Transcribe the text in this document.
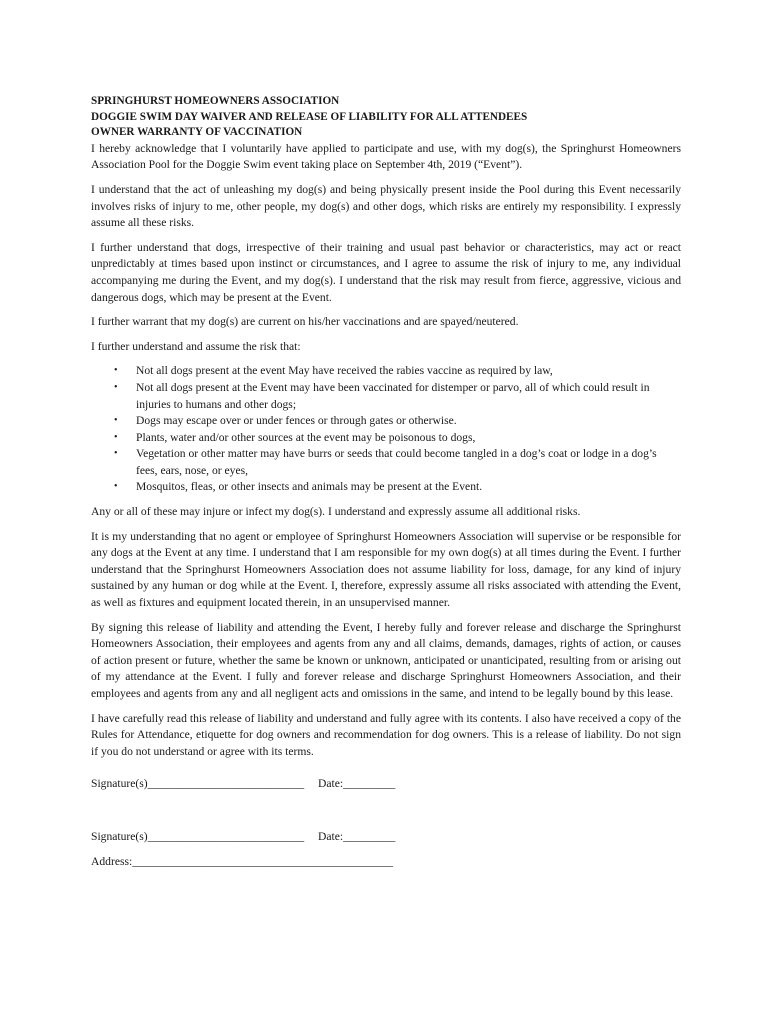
SPRINGHURST HOMEOWNERS ASSOCIATION
DOGGIE SWIM DAY WAIVER AND RELEASE OF LIABILITY FOR ALL ATTENDEES
OWNER WARRANTY OF VACCINATION

I hereby acknowledge that I voluntarily have applied to participate and use, with my dog(s), the Springhurst Homeowners Association Pool for the Doggie Swim event taking place on September 4th, 2019 (“Event”).

I understand that the act of unleashing my dog(s) and being physically present inside the Pool during this Event necessarily involves risks of injury to me, other people, my dog(s) and other dogs, which risks are entirely my responsibility. I expressly assume all these risks.

I further understand that dogs, irrespective of their training and usual past behavior or characteristics, may act or react unpredictably at times based upon instinct or circumstances, and I agree to assume the risk of injury to me, any individual accompanying me during the Event, and my dog(s). I understand that the risk may result from fierce, aggressive, vicious and dangerous dogs, which may be present at the Event.

I further warrant that my dog(s) are current on his/her vaccinations and are spayed/neutered.

I further understand and assume the risk that:

• Not all dogs present at the event May have received the rabies vaccine as required by law,
• Not all dogs present at the Event may have been vaccinated for distemper or parvo, all of which could result in injuries to humans and other dogs;
• Dogs may escape over or under fences or through gates or otherwise.
• Plants, water and/or other sources at the event may be poisonous to dogs,
• Vegetation or other matter may have burrs or seeds that could become tangled in a dog’s coat or lodge in a dog’s fees, ears, nose, or eyes,
• Mosquitos, fleas, or other insects and animals may be present at the Event.

Any or all of these may injure or infect my dog(s). I understand and expressly assume all additional risks.

It is my understanding that no agent or employee of Springhurst Homeowners Association will supervise or be responsible for any dogs at the Event at any time. I understand that I am responsible for my own dog(s) at all times during the Event. I further understand that the Springhurst Homeowners Association does not assume liability for loss, damage, for any kind of injury sustained by any human or dog while at the Event. I, therefore, expressly assume all risks associated with attending the Event, as well as fixtures and equipment located therein, in an unsupervised manner.

By signing this release of liability and attending the Event, I hereby fully and forever release and discharge the Springhurst Homeowners Association, their employees and agents from any and all claims, demands, damages, rights of action, or causes of action present or future, whether the same be known or unknown, anticipated or unanticipated, resulting from or arising out of my attendance at the Event. I fully and forever release and discharge Springhurst Homeowners Association, and their employees and agents from any and all negligent acts and omissions in the same, and intend to be legally bound by this lease.

I have carefully read this release of liability and understand and fully agree with its contents. I also have received a copy of the Rules for Attendance, etiquette for dog owners and recommendation for dog owners. This is a release of liability. Do not sign if you do not understand or agree with its terms.

Signature(s)___________________________	Date:_________
Signature(s)___________________________	Date:_________
Address:_____________________________________________
